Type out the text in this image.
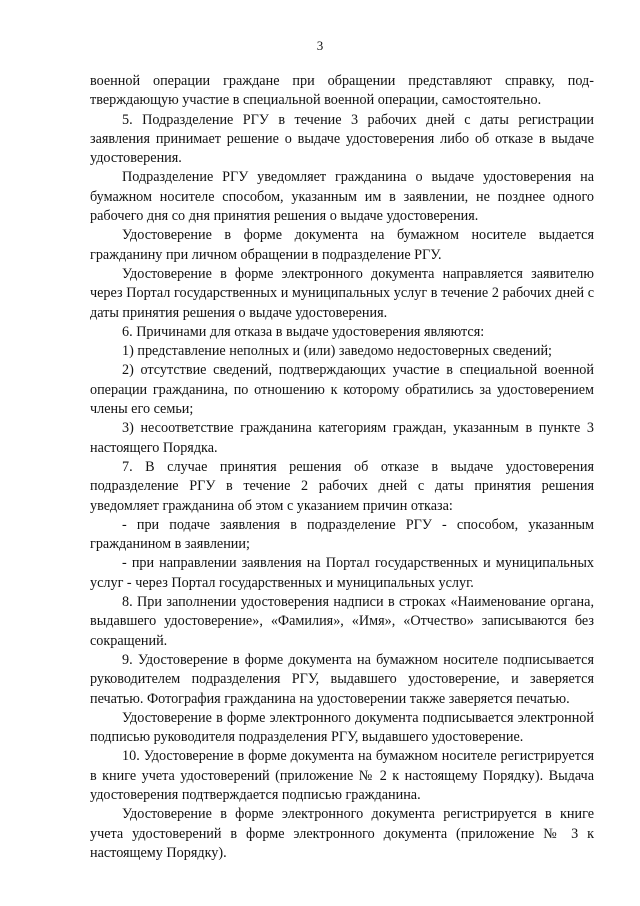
3

военной операции граждане при обращении представляют справку, подтверждающую участие в специальной военной операции, самостоятельно.

5. Подразделение РГУ в течение 3 рабочих дней с даты регистрации заявления принимает решение о выдаче удостоверения либо об отказе в выдаче удостоверения.

Подразделение РГУ уведомляет гражданина о выдаче удостоверения на бумажном носителе способом, указанным им в заявлении, не позднее одного рабочего дня со дня принятия решения о выдаче удостоверения.

Удостоверение в форме документа на бумажном носителе выдается гражданину при личном обращении в подразделение РГУ.

Удостоверение в форме электронного документа направляется заявителю через Портал государственных и муниципальных услуг в течение 2 рабочих дней с даты принятия решения о выдаче удостоверения.

6. Причинами для отказа в выдаче удостоверения являются:

1) представление неполных и (или) заведомо недостоверных сведений;

2) отсутствие сведений, подтверждающих участие в специальной военной операции гражданина, по отношению к которому обратились за удостоверением члены его семьи;

3) несоответствие гражданина категориям граждан, указанным в пункте 3 настоящего Порядка.

7. В случае принятия решения об отказе в выдаче удостоверения подразделение РГУ в течение 2 рабочих дней с даты принятия решения уведомляет гражданина об этом с указанием причин отказа:

- при подаче заявления в подразделение РГУ - способом, указанным гражданином в заявлении;

- при направлении заявления на Портал государственных и муниципальных услуг - через Портал государственных и муниципальных услуг.

8. При заполнении удостоверения надписи в строках «Наименование органа, выдавшего удостоверение», «Фамилия», «Имя», «Отчество» записываются без сокращений.

9. Удостоверение в форме документа на бумажном носителе подписывается руководителем подразделения РГУ, выдавшего удостоверение, и заверяется печатью. Фотография гражданина на удостоверении также заверяется печатью.

Удостоверение в форме электронного документа подписывается электронной подписью руководителя подразделения РГУ, выдавшего удостоверение.

10. Удостоверение в форме документа на бумажном носителе регистрируется в книге учета удостоверений (приложение № 2 к настоящему Порядку). Выдача удостоверения подтверждается подписью гражданина.

Удостоверение в форме электронного документа регистрируется в книге учета удостоверений в форме электронного документа (приложение № 3 к настоящему Порядку).
